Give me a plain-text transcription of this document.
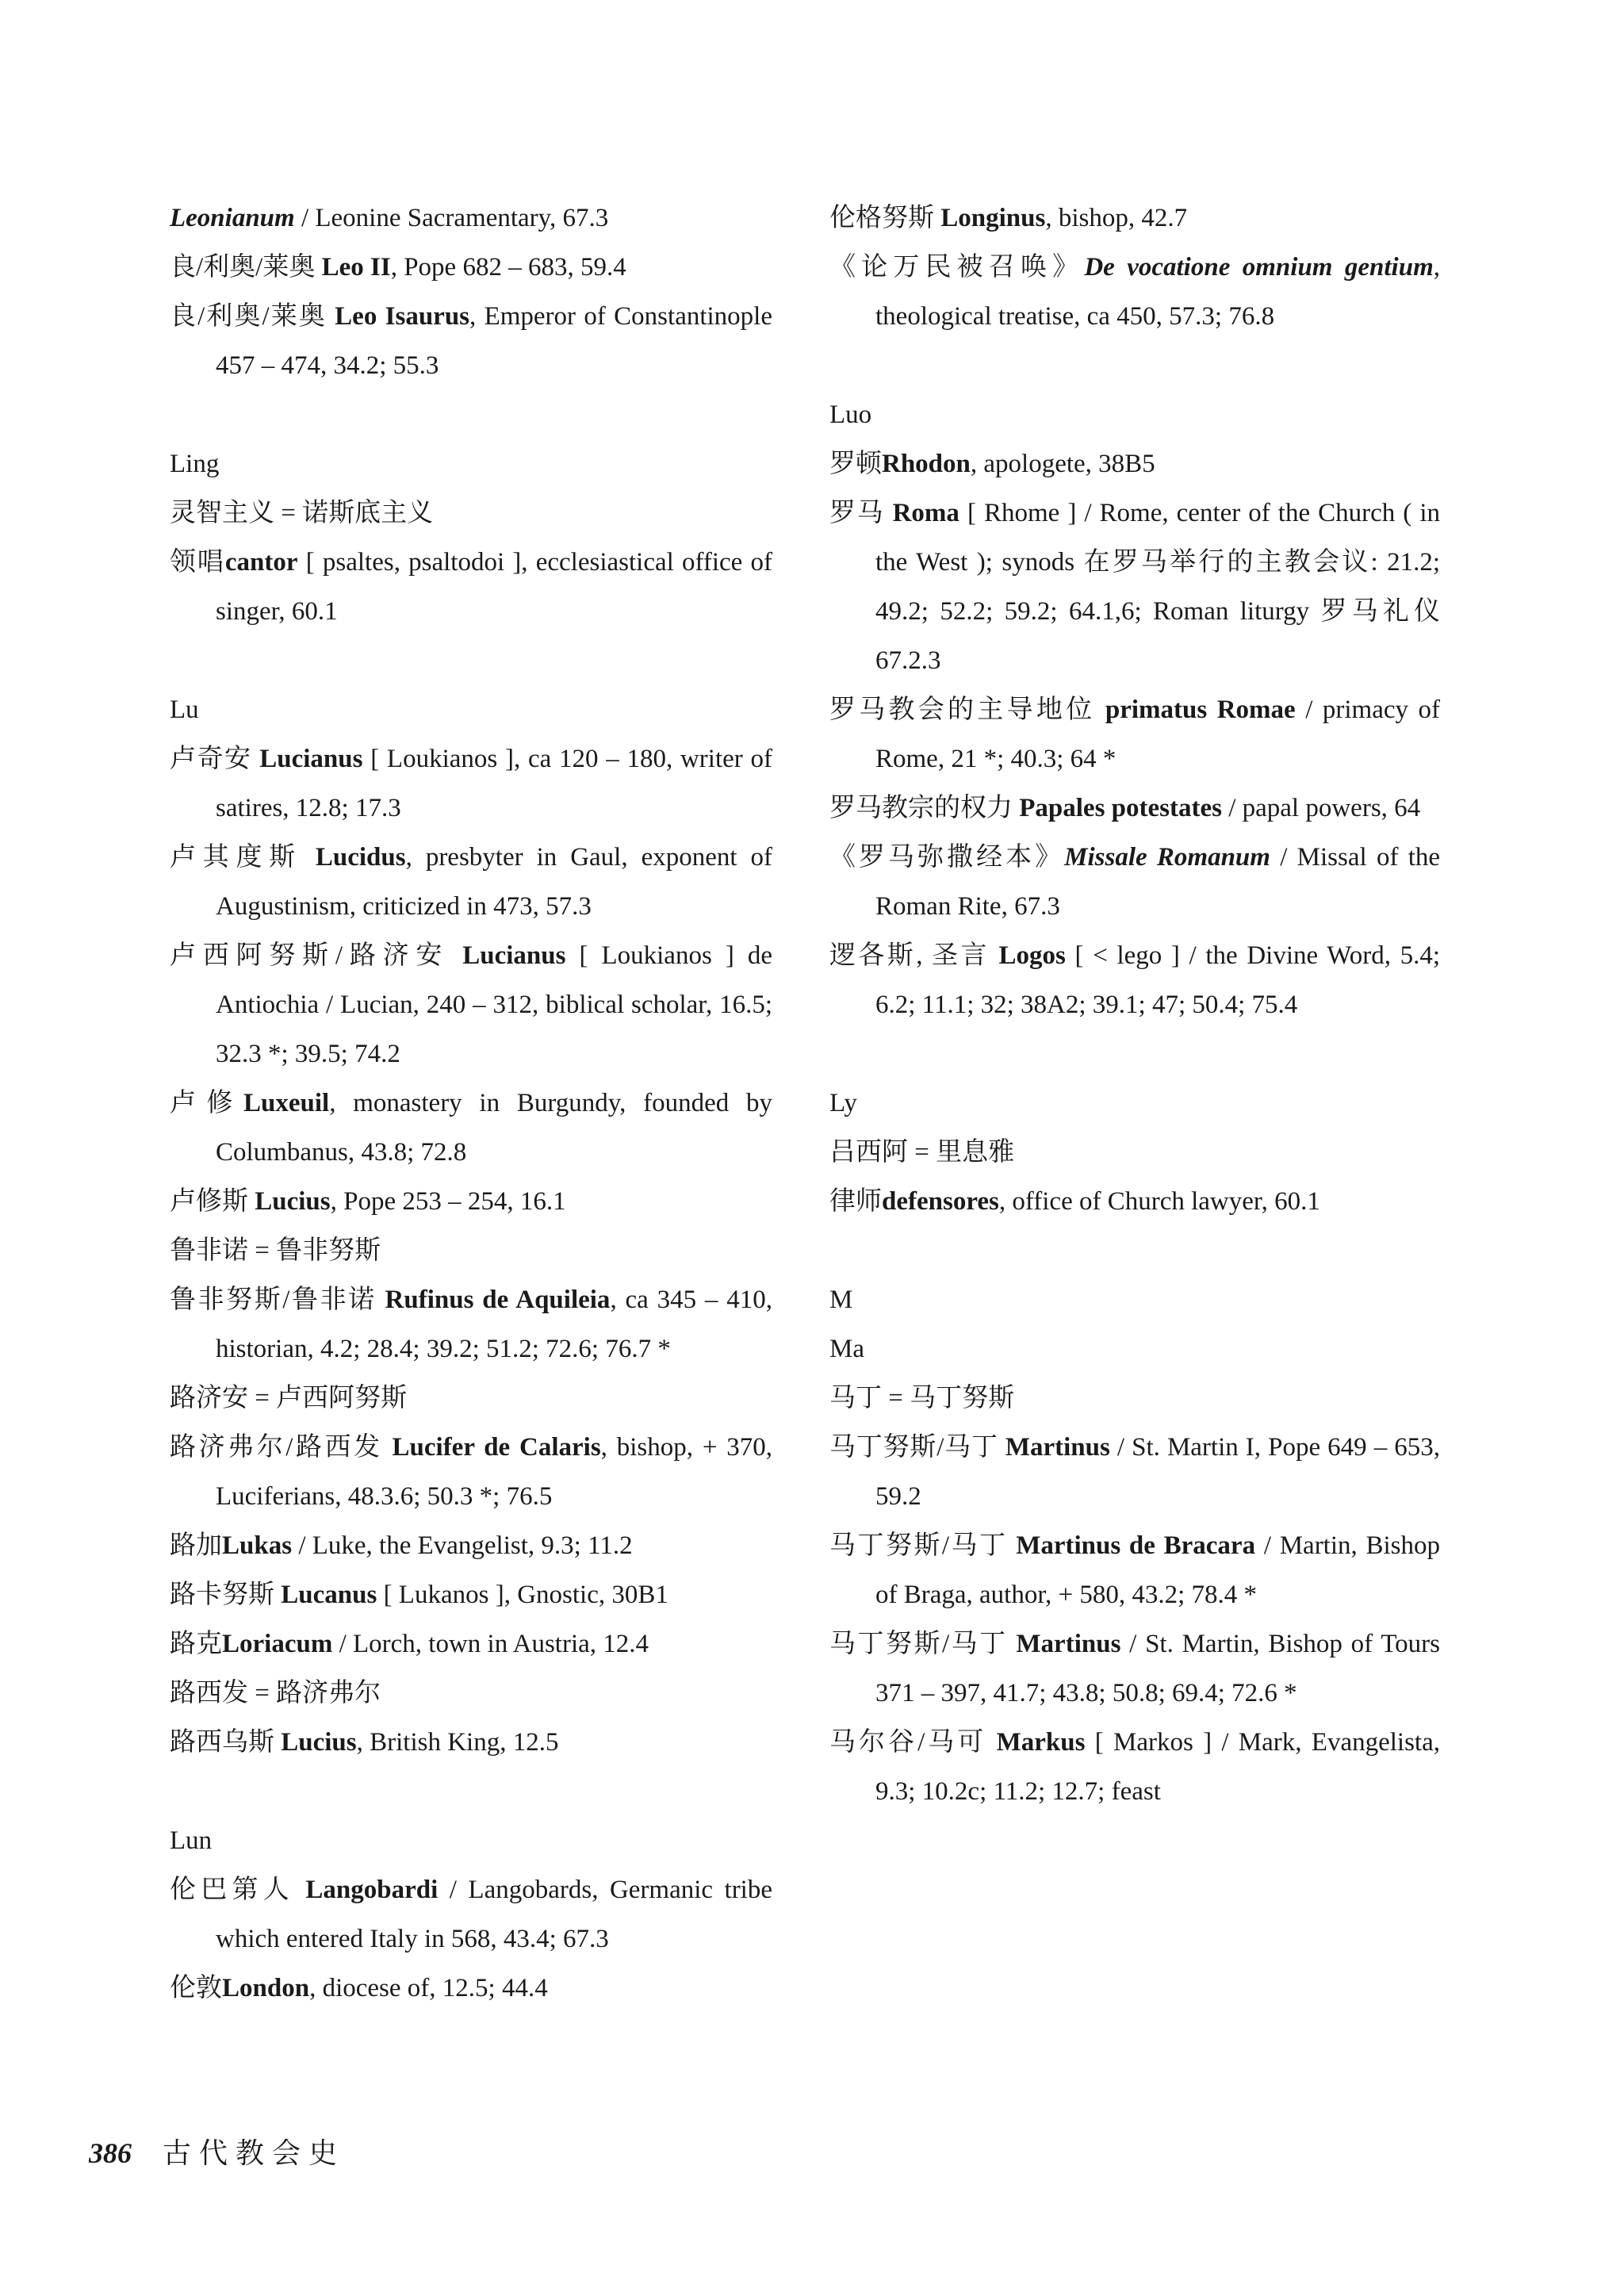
Leonianum / Leonine Sacramentary, 67.3

良/利奥/莱奥 Leo II, Pope 682 – 683, 59.4

良/利奥/莱奥 Leo Isaurus, Emperor of Constantinople 457 – 474, 34.2; 55.3

Ling

灵智主义 = 诺斯底主义

领唱cantor [ psaltes, psaltodoi ], ecclesiastical office of singer, 60.1

Lu

卢奇安 Lucianus [ Loukianos ], ca 120 – 180, writer of satires, 12.8; 17.3

卢其度斯 Lucidus, presbyter in Gaul, exponent of Augustinism, criticized in 473, 57.3

卢西阿努斯/路济安 Lucianus [ Loukianos ] de Antiochia / Lucian, 240 – 312, biblical scholar, 16.5; 32.3 *; 39.5; 74.2

卢修Luxeuil, monastery in Burgundy, founded by Columbanus, 43.8; 72.8

卢修斯 Lucius, Pope 253 – 254, 16.1

鲁非诺 = 鲁非努斯

鲁非努斯/鲁非诺 Rufinus de Aquileia, ca 345 – 410, historian, 4.2; 28.4; 39.2; 51.2; 72.6; 76.7 *

路济安 = 卢西阿努斯

路济弗尔/路西发 Lucifer de Calaris, bishop, + 370, Luciferians, 48.3.6; 50.3 *; 76.5

路加Lukas / Luke, the Evangelist, 9.3; 11.2

路卡努斯 Lucanus [ Lukanos ], Gnostic, 30B1

路克Loriacum / Lorch, town in Austria, 12.4

路西发 = 路济弗尔

路西乌斯 Lucius, British King, 12.5

Lun

伦巴第人 Langobardi / Langobards, Germanic tribe which entered Italy in 568, 43.4; 67.3

伦敦London, diocese of, 12.5; 44.4

伦格努斯 Longinus, bishop, 42.7

《论万民被召唤》De vocatione omnium gentium, theological treatise, ca 450, 57.3; 76.8

Luo

罗顿Rhodon, apologete, 38B5

罗马 Roma [ Rhome ] / Rome, center of the Church ( in the West ); synods 在罗马举行的主教会议: 21.2; 49.2; 52.2; 59.2; 64.1,6; Roman liturgy 罗马礼仪 67.2.3

罗马教会的主导地位 primatus Romae / primacy of Rome, 21 *; 40.3; 64 *

罗马教宗的权力 Papales potestates / papal powers, 64

《罗马弥撒经本》Missale Romanum / Missal of the Roman Rite, 67.3

逻各斯, 圣言 Logos [ < lego ] / the Divine Word, 5.4; 6.2; 11.1; 32; 38A2; 39.1; 47; 50.4; 75.4

Ly

吕西阿 = 里息雅

律师defensores, office of Church lawyer, 60.1

M
Ma

马丁 = 马丁努斯

马丁努斯/马丁 Martinus / St. Martin I, Pope 649 – 653, 59.2

马丁努斯/马丁 Martinus de Bracara / Martin, Bishop of Braga, author, + 580, 43.2; 78.4 *

马丁努斯/马丁 Martinus / St. Martin, Bishop of Tours 371 – 397, 41.7; 43.8; 50.8; 69.4; 72.6 *

马尔谷/马可 Markus [ Markos ] / Mark, Evangelista, 9.3; 10.2c; 11.2; 12.7; feast

386 古代教会史
